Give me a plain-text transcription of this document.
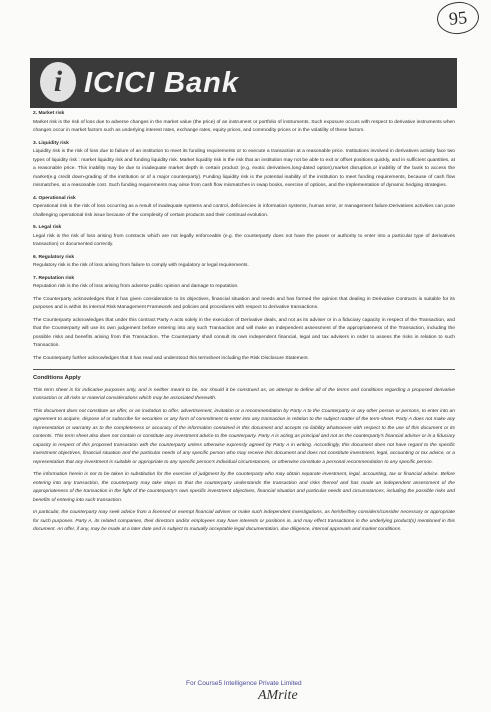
95
i ICICI Bank
2. Market risk

Market risk is the risk of loss due to adverse changes in the market value (the price) of an instrument or portfolio of instruments. Such exposure occurs with respect to derivative instruments when changes occur in market factors such as underlying interest rates, exchange rates, equity prices, and commodity prices or in the volatility of these factors.

3. Liquidity risk

Liquidity risk is the risk of loss due to failure of an institution to meet its funding requirements or to execute a transaction at a reasonable price. Institutions involved in derivatives activity face two types of liquidity risk : market liquidity risk and funding liquidity risk. Market liquidity risk is the risk that an institution may not be able to exit or offset positions quickly, and in sufficient quantities, at a reasonable price. This inability may be due to inadequate market depth in certain product (e.g. exotic derivatives,long-dated option),market disruption,or inability of the bank to access the market(e.g credit down-grading of the institution or of a major counterparty). Funding liquidity risk is the potential inability of the institution to meet funding requirements, because of cash flow mismatches, at a reasonable cost. Such funding requirements may arise from cash flow mismatches in swap books, exercise of options, and the implementation of dynamic hedging strategies.

4. Operational risk

Operational risk is the risk of loss occurring as a result of inadequate systems and control, deficiencies in information systems, human error, or management failure.Derivatives activities can pose challenging operational risk issue because of the complexity of certain products and their continual evolution.

5. Legal risk

Legal risk is the risk of loss arising from contracts which are not legally enforceable (e.g. the counterparty does not have the power or authority to enter into a particular type of derivatives transaction) or documented correctly.

6. Regulatory risk

Regulatory risk is the risk of loss arising from failure to comply with regulatory or legal requirements.

7. Reputation risk

Reputation risk is the risk of loss arising from adverse public opinion and damage to reputation.

The Counterparty acknowledges that it has given consideration to its objectives, financial situation and needs and has formed the opinion that dealing in Derivative Contracts is suitable for its purposes and is within its internal Risk Management Framework and policies and procedures with respect to derivative transactions.

The Counterparty acknowledges that under this contract Party A acts solely in the execution of Derivative deals, and not as its adviser or in a fiduciary capacity in respect of the Transaction, and that the Counterparty will use its own judgement before entering into any such Transaction and will make an independent assessment of the appropriateness of the Transaction, including the possible risks and benefits arising from this Transaction. The Counterparty shall consult its own independent financial, legal and tax advisers in order to assess the risks in relation to such Transaction.

The Counterparty further acknowledges that it has read and understood this termsheet including the Risk Disclosure Statement.

Conditions Apply

This term sheet is for indicative purposes only, and is neither meant to be, nor should it be construed as, an attempt to define all of the terms and conditions regarding a proposed derivative transaction or all risks or material considerations which may be associated therewith.

This document does not constitute an offer, or an invitation to offer, advertisement, invitation or a recommendation by Party A to the Counterparty or any other person or persons, to enter into an agreement to acquire, dispose of or subscribe for securities or any form of commitment to enter into any transaction in relation to the subject matter of the term-sheet. Party A does not make any representation or warranty as to the completeness or accuracy of the information contained in this document and accepts no liability whatsoever with respect to the use of this document or its contents. This term sheet also does not contain or constitute any investment advice to the counterparty. Party A is acting as principal and not as the counterparty's financial adviser or in a fiduciary capacity in respect of this proposed transaction with the counterparty unless otherwise expressly agreed by Party A in writing. Accordingly, this document does not have regard to the specific investment objectives, financial situation and the particular needs of any specific person who may receive this document and does not constitute investment, legal, accounting or tax advice, or a representation that any investment is suitable or appropriate to any specific person's individual circumstances, or otherwise constitute a personal recommendation to any specific person.

The information herein is not to be taken in substitution for the exercise of judgment by the counterparty who may obtain separate investment, legal, accounting, tax or financial advice. Before entering into any transaction, the counterparty may take steps to that the counterparty understands the transaction and risks thereof and has made an independent assessment of the appropriateness of the transaction in the light of the counterparty's own specific investment objectives, financial situation and particular needs and circumstances, including the possible risks and benefits of entering into such transaction.

In particular, the counterparty may seek advice from a licensed or exempt financial adviser or make such independent investigations, as he/she/they considers/consider necessary or appropriate for such purposes. Party A, its related companies, their directors and/or employees may have interests or positions in, and may effect transactions in the underlying product(s) mentioned in this document. An offer, if any, may be made at a later date and is subject to mutually acceptable legal documentation, due diligence, internal approvals and market conditions.

For Course5 Intelligence Private Limited
AMrite
